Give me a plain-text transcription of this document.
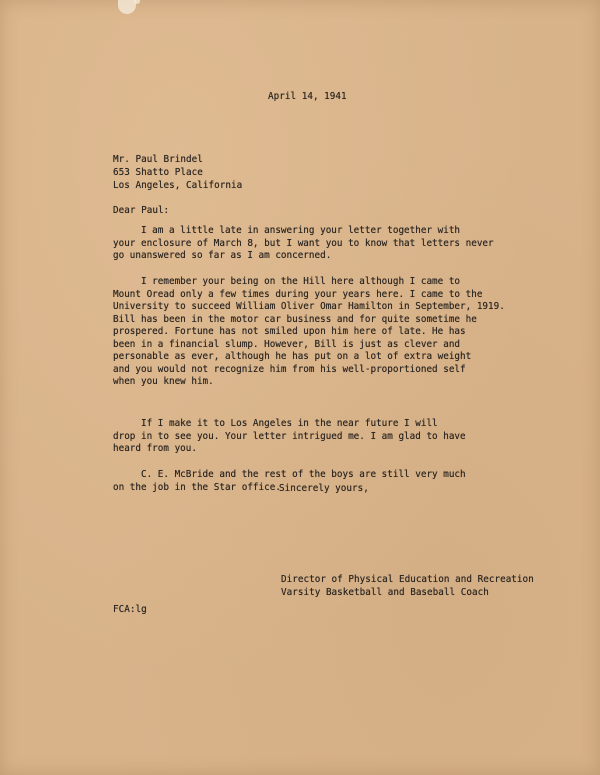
April 14, 1941
Mr. Paul Brindel
653 Shatto Place
Los Angeles, California
Dear Paul:
I am a little late in answering your letter together with
your enclosure of March 8, but I want you to know that letters never
go unanswered so far as I am concerned.
I remember your being on the Hill here although I came to
Mount Oread only a few times during your years here. I came to the
University to succeed William Oliver Omar Hamilton in September, 1919.
Bill has been in the motor car business and for quite sometime he
prospered. Fortune has not smiled upon him here of late. He has
been in a financial slump. However, Bill is just as clever and
personable as ever, although he has put on a lot of extra weight
and you would not recognize him from his well-proportioned self
when you knew him.
If I make it to Los Angeles in the near future I will
drop in to see you. Your letter intrigued me. I am glad to have
heard from you.
C. E. McBride and the rest of the boys are still very much
on the job in the Star office.
Sincerely yours,
Director of Physical Education and Recreation
Varsity Basketball and Baseball Coach
FCA:lg
